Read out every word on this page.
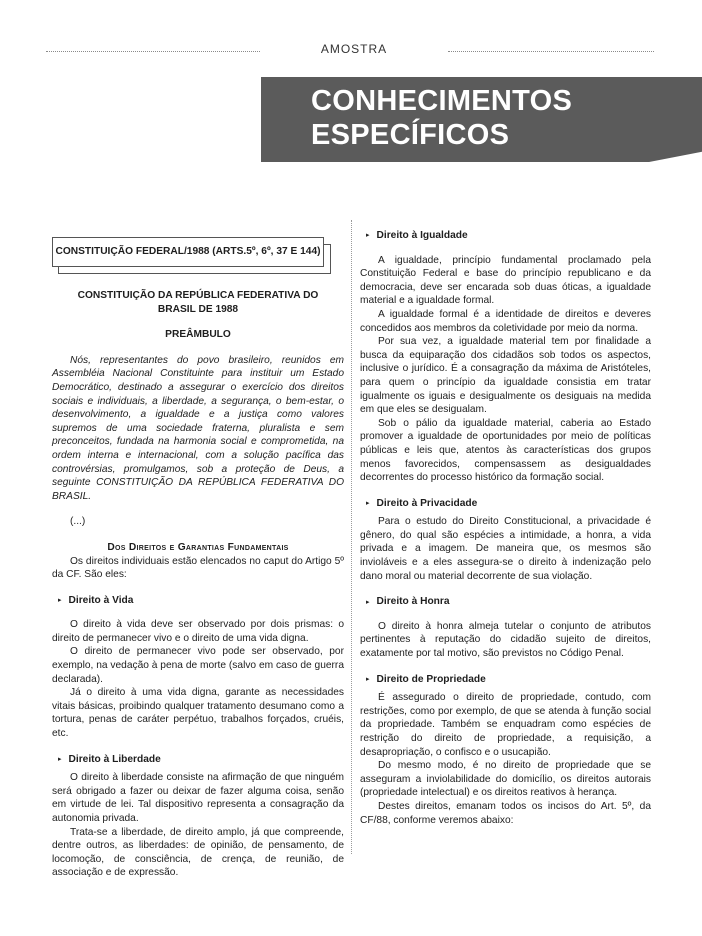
AMOSTRA
CONHECIMENTOS
ESPECÍFICOS
CONSTITUIÇÃO FEDERAL/1988 (ARTS.5º, 6º, 37 E 144)
CONSTITUIÇÃO DA REPÚBLICA FEDERATIVA DO
BRASIL DE 1988
PREÂMBULO

Nós, representantes do povo brasileiro, reunidos em Assembléia Nacional Constituinte para instituir um Estado Democrático, destinado a assegurar o exercício dos direitos sociais e individuais, a liberdade, a segurança, o bem-estar, o desenvolvimento, a igualdade e a justiça como valores supremos de uma sociedade fraterna, pluralista e sem preconceitos, fundada na harmonia social e comprometida, na ordem interna e internacional, com a solução pacífica das controvérsias, promulgamos, sob a proteção de Deus, a seguinte CONSTITUIÇÃO DA REPÚBLICA FEDERATIVA DO BRASIL.

(...)
Dos Direitos e Garantias Fundamentais

Os direitos individuais estão elencados no caput do Artigo 5º da CF. São eles:

▸ Direito à Vida

O direito à vida deve ser observado por dois prismas: o direito de permanecer vivo e o direito de uma vida digna.

O direito de permanecer vivo pode ser observado, por exemplo, na vedação à pena de morte (salvo em caso de guerra declarada).

Já o direito à uma vida digna, garante as necessidades vitais básicas, proibindo qualquer tratamento desumano como a tortura, penas de caráter perpétuo, trabalhos forçados, cruéis, etc.

▸ Direito à Liberdade

O direito à liberdade consiste na afirmação de que ninguém será obrigado a fazer ou deixar de fazer alguma coisa, senão em virtude de lei. Tal dispositivo representa a consagração da autonomia privada.

Trata-se a liberdade, de direito amplo, já que compreende, dentre outros, as liberdades: de opinião, de pensamento, de locomoção, de consciência, de crença, de reunião, de associação e de expressão.

▸ Direito à Igualdade

A igualdade, princípio fundamental proclamado pela Constituição Federal e base do princípio republicano e da democracia, deve ser encarada sob duas óticas, a igualdade material e a igualdade formal.

A igualdade formal é a identidade de direitos e deveres concedidos aos membros da coletividade por meio da norma.

Por sua vez, a igualdade material tem por finalidade a busca da equiparação dos cidadãos sob todos os aspectos, inclusive o jurídico. É a consagração da máxima de Aristóteles, para quem o princípio da igualdade consistia em tratar igualmente os iguais e desigualmente os desiguais na medida em que eles se desigualam.

Sob o pálio da igualdade material, caberia ao Estado promover a igualdade de oportunidades por meio de políticas públicas e leis que, atentos às características dos grupos menos favorecidos, compensassem as desigualdades decorrentes do processo histórico da formação social.

▸ Direito à Privacidade

Para o estudo do Direito Constitucional, a privacidade é gênero, do qual são espécies a intimidade, a honra, a vida privada e a imagem. De maneira que, os mesmos são invioláveis e a eles assegura-se o direito à indenização pelo dano moral ou material decorrente de sua violação.

▸ Direito à Honra

O direito à honra almeja tutelar o conjunto de atributos pertinentes à reputação do cidadão sujeito de direitos, exatamente por tal motivo, são previstos no Código Penal.

▸ Direito de Propriedade

É assegurado o direito de propriedade, contudo, com restrições, como por exemplo, de que se atenda à função social da propriedade. Também se enquadram como espécies de restrição do direito de propriedade, a requisição, a desapropriação, o confisco e o usucapião.

Do mesmo modo, é no direito de propriedade que se asseguram a inviolabilidade do domicílio, os direitos autorais (propriedade intelectual) e os direitos reativos à herança.

Destes direitos, emanam todos os incisos do Art. 5º, da CF/88, conforme veremos abaixo:
